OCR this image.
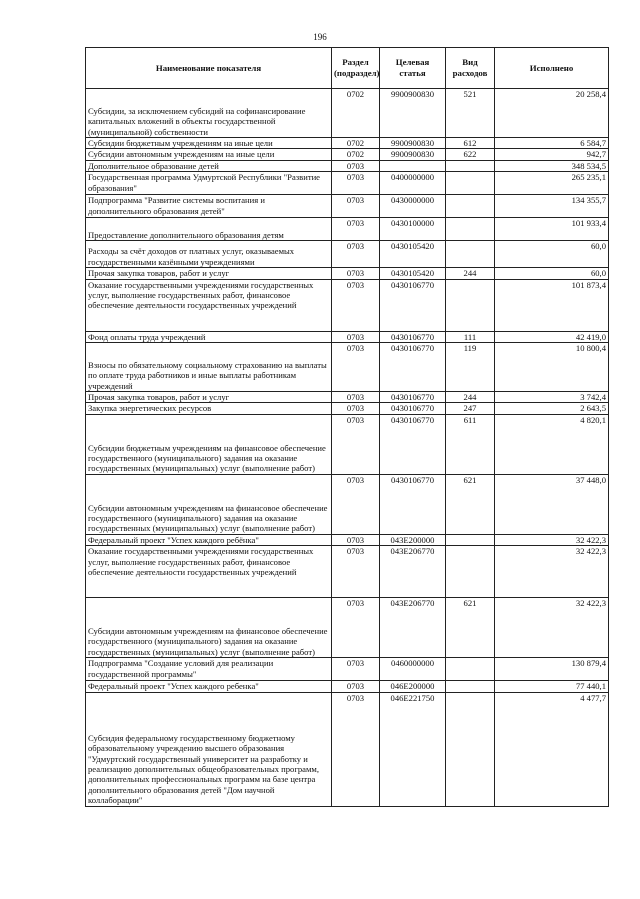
196
Наименование показателя	Раздел (подраздел)	Целевая статья	Вид расходов	Исполнено
Субсидии, за исключением субсидий на софинансирование капитальных вложений в объекты государственной (муниципальной) собственности	0702	9900900830	521	20 258,4
Субсидии бюджетным учреждениям на иные цели	0702	9900900830	612	6 584,7
Субсидии автономным учреждениям на иные цели	0702	9900900830	622	942,7
Дополнительное образование детей	0703			348 534,5
Государственная программа Удмуртской Республики "Развитие образования"	0703	0400000000		265 235,1
Подпрограмма "Развитие системы воспитания и дополнительного образования детей"	0703	0430000000		134 355,7
Предоставление дополнительного образования детям	0703	0430100000		101 933,4
Расходы за счёт доходов от платных услуг, оказываемых государственными казёнными учреждениями	0703	0430105420		60,0
Прочая закупка товаров, работ и услуг	0703	0430105420	244	60,0
Оказание государственными учреждениями государственных услуг, выполнение государственных работ, финансовое обеспечение деятельности государственных учреждений	0703	0430106770		101 873,4
Фонд оплаты труда учреждений	0703	0430106770	111	42 419,0
Взносы по обязательному социальному страхованию на выплаты по оплате труда работников и иные выплаты работникам учреждений	0703	0430106770	119	10 800,4
Прочая закупка товаров, работ и услуг	0703	0430106770	244	3 742,4
Закупка энергетических ресурсов	0703	0430106770	247	2 643,5
Субсидии бюджетным учреждениям на финансовое обеспечение государственного (муниципального) задания на оказание государственных (муниципальных) услуг (выполнение работ)	0703	0430106770	611	4 820,1
Субсидии автономным учреждениям на финансовое обеспечение государственного (муниципального) задания на оказание государственных (муниципальных) услуг (выполнение работ)	0703	0430106770	621	37 448,0
Федеральный проект "Успех каждого ребёнка"	0703	043E200000		32 422,3
Оказание государственными учреждениями государственных услуг, выполнение государственных работ, финансовое обеспечение деятельности государственных учреждений	0703	043E206770		32 422,3
Субсидии автономным учреждениям на финансовое обеспечение государственного (муниципального) задания на оказание государственных (муниципальных) услуг (выполнение работ)	0703	043E206770	621	32 422,3
Подпрограмма "Создание условий для реализации государственной программы"	0703	0460000000		130 879,4
Федеральный проект "Успех каждого ребенка"	0703	046E200000		77 440,1
Субсидия федеральному государственному бюджетному образовательному учреждению высшего образования "Удмуртский государственный университет на разработку и реализацию дополнительных общеобразовательных программ, дополнительных профессиональных программ на базе центра дополнительного образования детей "Дом научной коллаборации"	0703	046E221750		4 477,7
